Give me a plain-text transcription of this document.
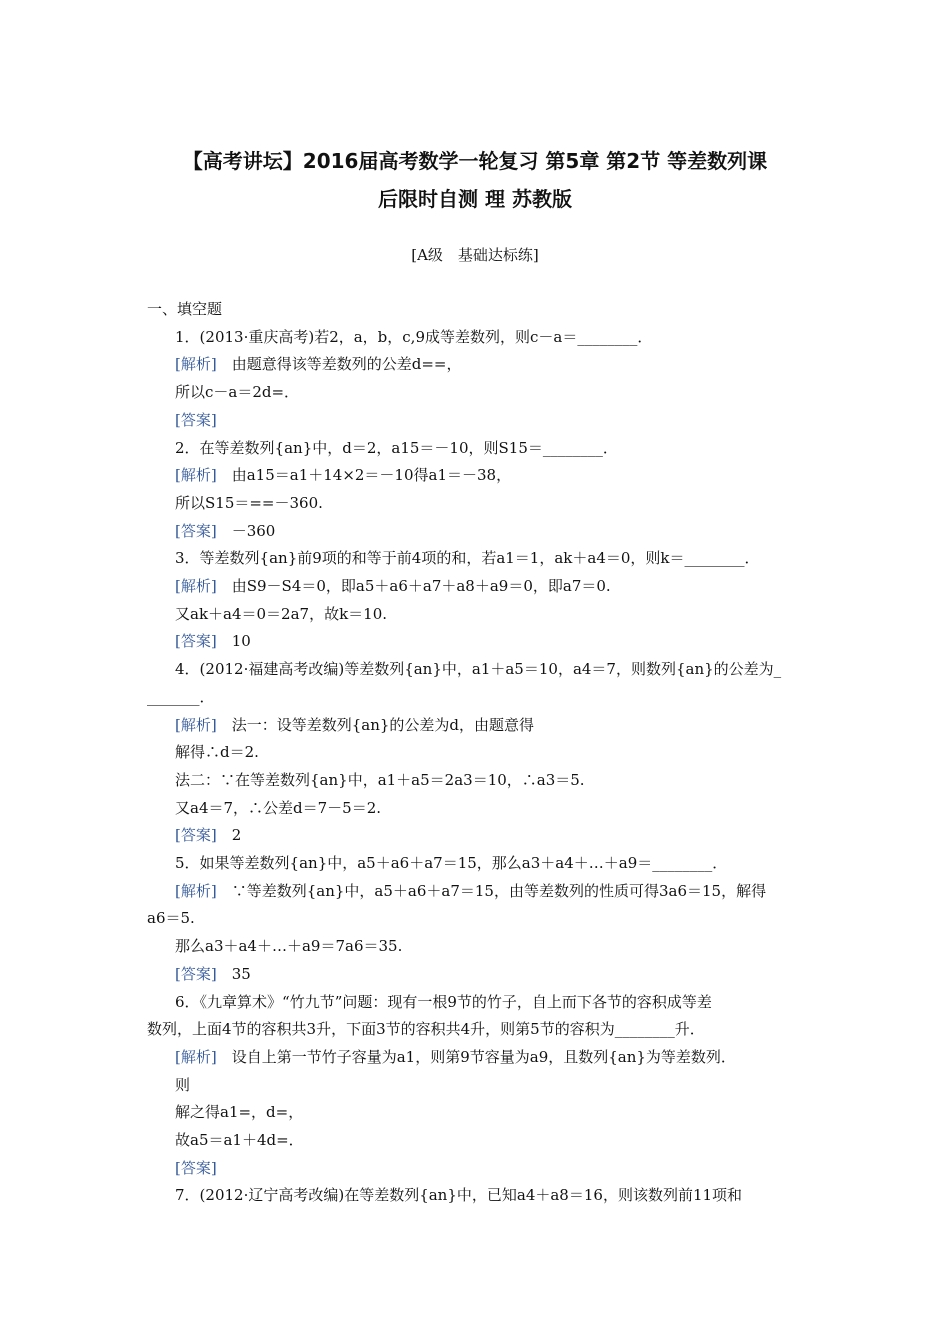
【高考讲坛】2016届高考数学一轮复习 第5章 第2节 等差数列课
后限时自测 理 苏教版
[A级　基础达标练]
一、填空题
1．(2013·重庆高考)若2，a，b，c,9成等差数列，则c－a＝________．
[解析]　由题意得该等差数列的公差d==，
所以c－a＝2d=．
[答案]
2．在等差数列{an}中，d＝2，a15＝－10，则S15＝________．
[解析]　由a15＝a1＋14×2＝－10得a1＝－38，
所以S15＝==－360.
[答案]　－360
3．等差数列{an}前9项的和等于前4项的和，若a1＝1，ak＋a4＝0，则k＝________．
[解析]　由S9－S4＝0，即a5＋a6＋a7＋a8＋a9＝0，即a7＝0.
又ak＋a4＝0＝2a7，故k＝10.
[答案]　10
4．(2012·福建高考改编)等差数列{an}中，a1＋a5＝10，a4＝7，则数列{an}的公差为_
_______．
[解析]　法一：设等差数列{an}的公差为d，由题意得
解得∴d＝2.
法二：∵在等差数列{an}中，a1＋a5＝2a3＝10，∴a3＝5.
又a4＝7，∴公差d＝7－5＝2.
[答案]　2
5．如果等差数列{an}中，a5＋a6＋a7＝15，那么a3＋a4＋…＋a9＝________．
[解析]　∵等差数列{an}中，a5＋a6＋a7＝15，由等差数列的性质可得3a6＝15，解得
a6＝5.
那么a3＋a4＋…＋a9＝7a6＝35.
[答案]　35
6．《九章算术》“竹九节”问题：现有一根9节的竹子，自上而下各节的容积成等差
数列，上面4节的容积共3升，下面3节的容积共4升，则第5节的容积为________升．
[解析]　设自上第一节竹子容量为a1，则第9节容量为a9，且数列{an}为等差数列．
则
解之得a1=，d=，
故a5＝a1＋4d=．
[答案]
7．(2012·辽宁高考改编)在等差数列{an}中，已知a4＋a8＝16，则该数列前11项和
